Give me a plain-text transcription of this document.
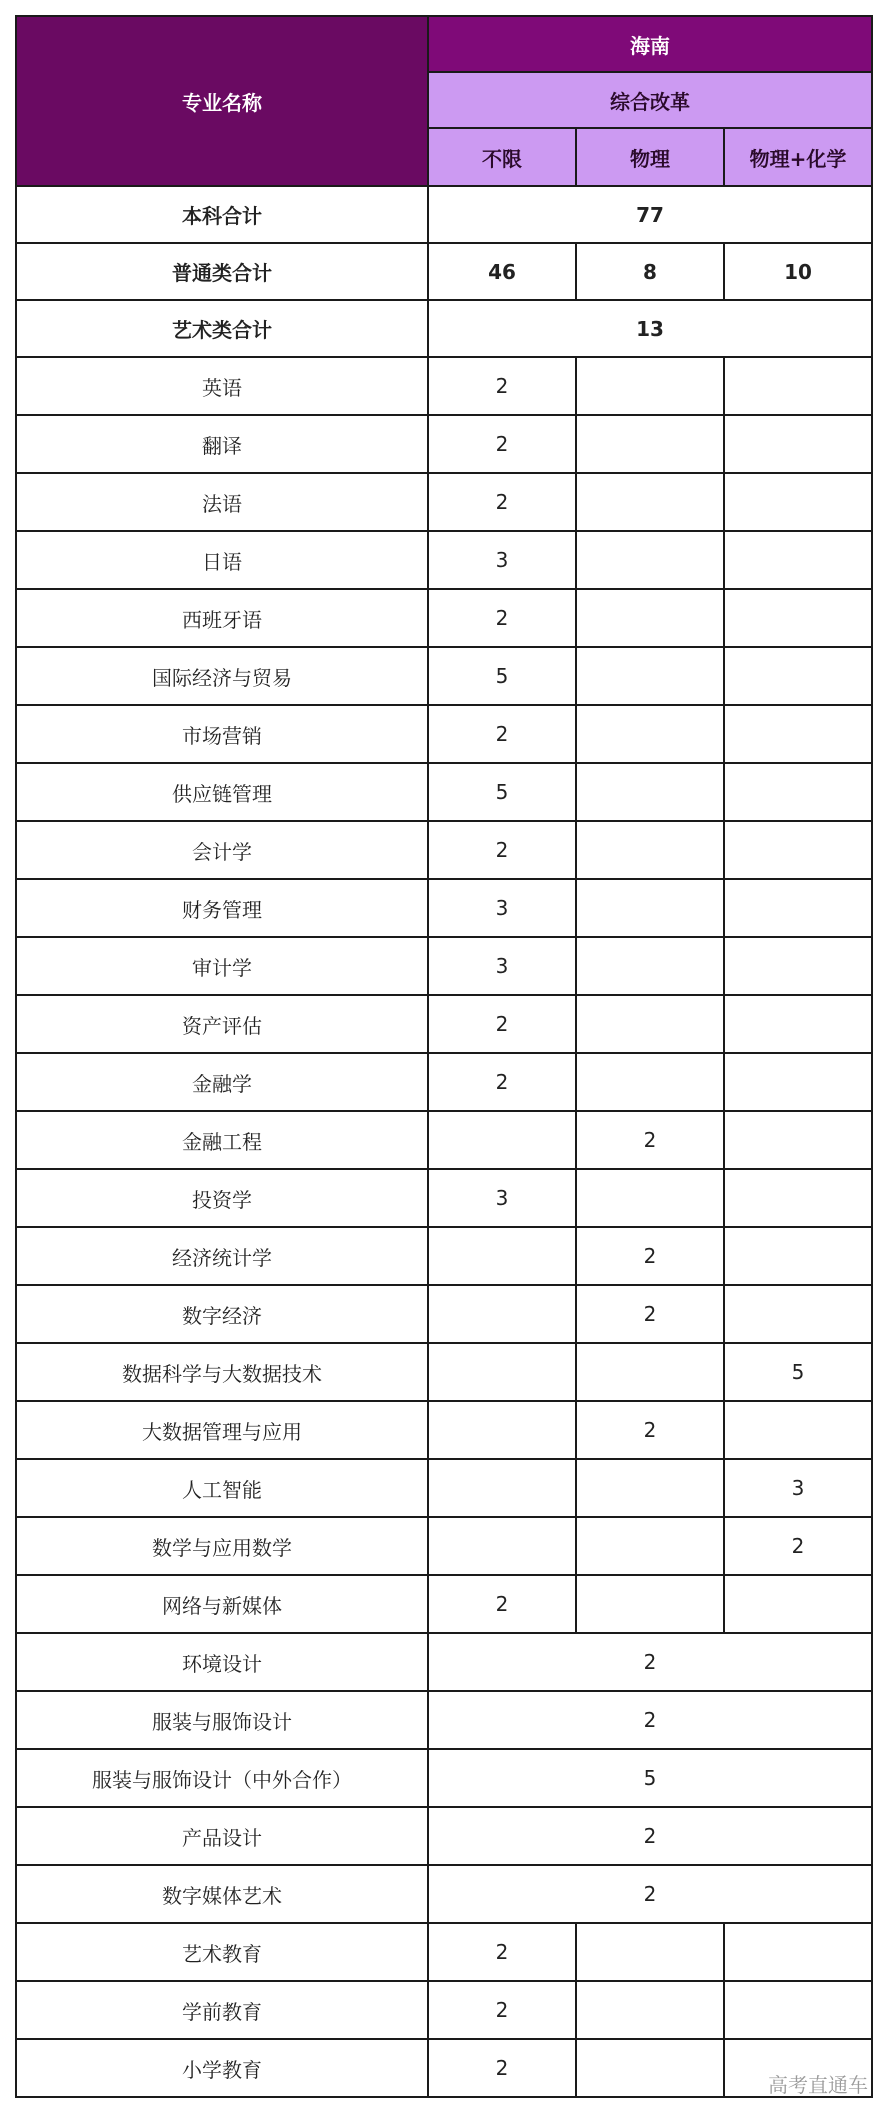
专业名称	海南		
	综合改革		
	不限	物理	物理+化学
本科合计	77		
普通类合计	46	8	10
艺术类合计	13		
英语	2		
翻译	2		
法语	2		
日语	3		
西班牙语	2		
国际经济与贸易	5		
市场营销	2		
供应链管理	5		
会计学	2		
财务管理	3		
审计学	3		
资产评估	2		
金融学	2		
金融工程		2	
投资学	3		
经济统计学		2	
数字经济		2	
数据科学与大数据技术			5
大数据管理与应用		2	
人工智能			3
数学与应用数学			2
网络与新媒体	2		
环境设计	2		
服装与服饰设计	2		
服装与服饰设计（中外合作）	5		
产品设计	2		
数字媒体艺术	2		
艺术教育	2		
学前教育	2		
小学教育	2		
高考直通车
